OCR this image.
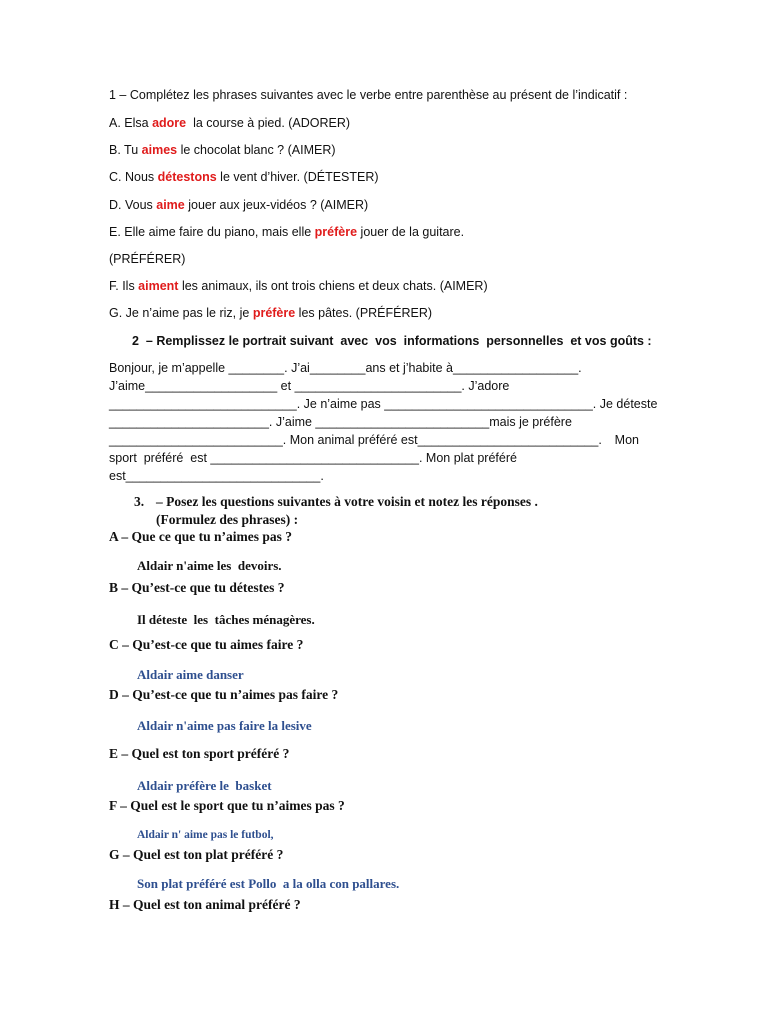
1 – Complétez les phrases suivantes avec le verbe entre parenthèse au présent de l’indicatif :
A. Elsa adore  la course à pied. (ADORER)
B. Tu aimes le chocolat blanc ? (AIMER)
C. Nous détestons le vent d’hiver. (DÉTESTER)
D. Vous aime jouer aux jeux-vidéos ? (AIMER)
E. Elle aime faire du piano, mais elle préfère jouer de la guitare.
(PRÉFÉRER)
F. Ils aiment les animaux, ils ont trois chiens et deux chats. (AIMER)
G. Je n’aime pas le riz, je préfère les pâtes. (PRÉFÉRER)
2  – Remplissez le portrait suivant  avec  vos  informations  personnelles  et vos goûts :
Bonjour, je m’appelle ________. J’ai________ans et j’habite à__________________.
J’aime___________________ et ________________________. J’adore
___________________________. Je n’aime pas ______________________________. Je déteste
_______________________. J’aime _________________________mais je préfère
_________________________. Mon animal préféré est__________________________. Mon
sport  préféré  est ______________________________. Mon plat préféré
est____________________________.
3. – Posez les questions suivantes à votre voisin et notez les réponses .
(Formulez des phrases) :
A – Que ce que tu n’aimes pas ?
Aldair n'aime les  devoirs.
B – Qu’est-ce que tu détestes ?
Il déteste  les  tâches ménagères.
C – Qu’est-ce que tu aimes faire ?
Aldair aime danser
D – Qu’est-ce que tu n’aimes pas faire ?
Aldair n'aime pas faire la lesive
E – Quel est ton sport préféré ?
Aldair préfère le  basket
F – Quel est le sport que tu n’aimes pas ?
Aldair n' aime pas le futbol,
G – Quel est ton plat préféré ?
Son plat préféré est Pollo  a la olla con pallares.
H – Quel est ton animal préféré ?
